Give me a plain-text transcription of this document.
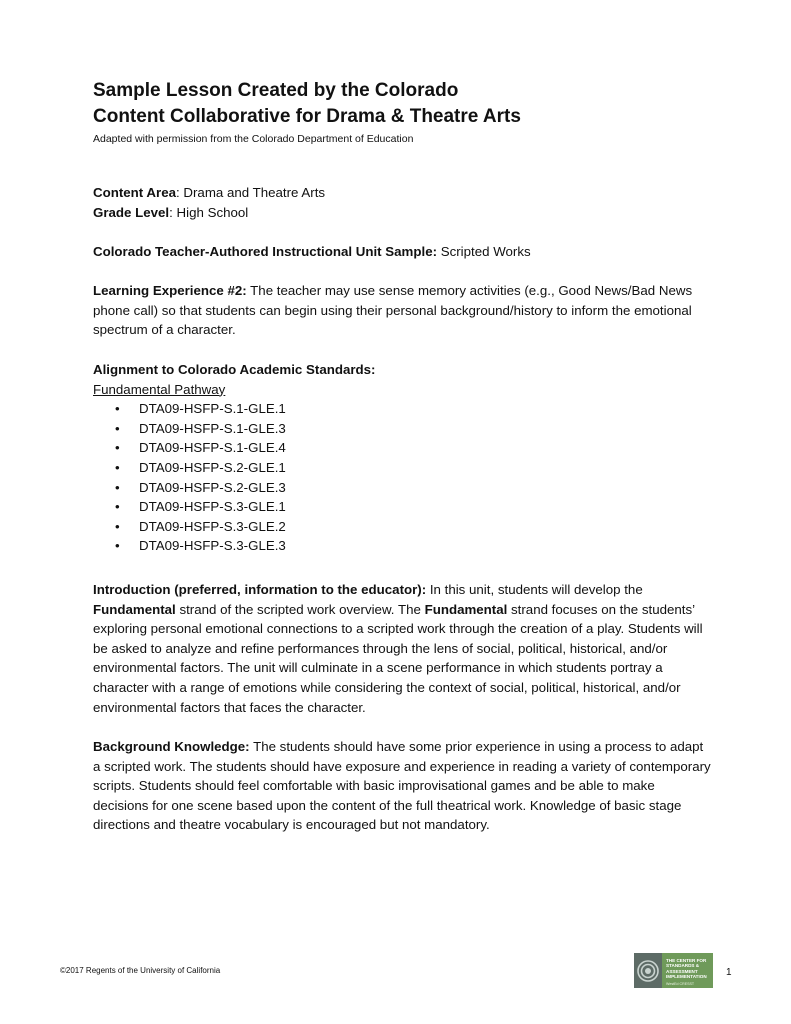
Sample Lesson Created by the Colorado
Content Collaborative for Drama & Theatre Arts
Adapted with permission from the Colorado Department of Education

Content Area: Drama and Theatre Arts

Grade Level: High School

Colorado Teacher-Authored Instructional Unit Sample: Scripted Works

Learning Experience #2: The teacher may use sense memory activities (e.g., Good News/Bad News phone call) so that students can begin using their personal background/history to inform the emotional spectrum of a character.

Alignment to Colorado Academic Standards:

Fundamental Pathway

• DTA09-HSFP-S.1-GLE.1
• DTA09-HSFP-S.1-GLE.3
• DTA09-HSFP-S.1-GLE.4
• DTA09-HSFP-S.2-GLE.1
• DTA09-HSFP-S.2-GLE.3
• DTA09-HSFP-S.3-GLE.1
• DTA09-HSFP-S.3-GLE.2
• DTA09-HSFP-S.3-GLE.3

Introduction (preferred, information to the educator): In this unit, students will develop the Fundamental strand of the scripted work overview. The Fundamental strand focuses on the students’ exploring personal emotional connections to a scripted work through the creation of a play. Students will be asked to analyze and refine performances through the lens of social, political, historical, and/or environmental factors. The unit will culminate in a scene performance in which students portray a character with a range of emotions while considering the context of social, political, historical, and/or environmental factors that faces the character.

Background Knowledge: The students should have some prior experience in using a process to adapt a scripted work. The students should have exposure and experience in reading a variety of contemporary scripts. Students should feel comfortable with basic improvisational games and be able to make decisions for one scene based upon the content of the full theatrical work. Knowledge of basic stage directions and theatre vocabulary is encouraged but not mandatory.

©2017 Regents of the University of California
THE CENTER FOR STANDARDS & ASSESSMENT IMPLEMENTATION
WestEd CRESST
1
